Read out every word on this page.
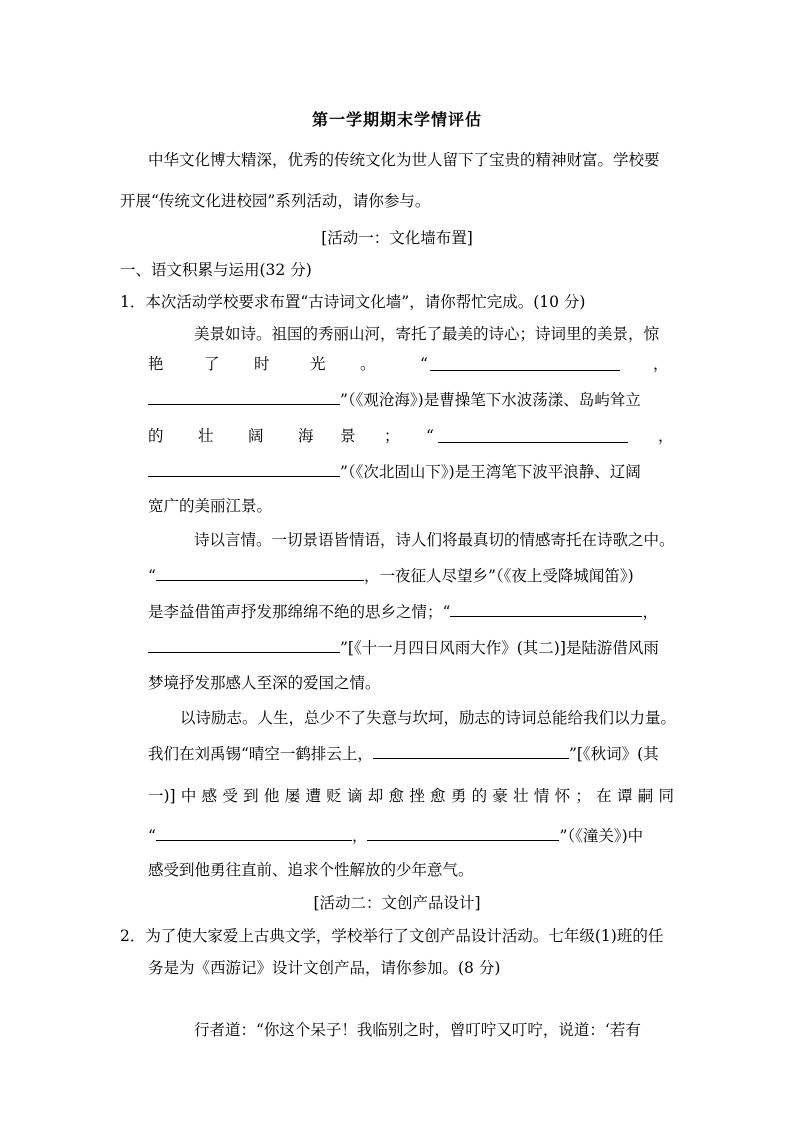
第一学期期末学情评估
中华文化博大精深，优秀的传统文化为世人留下了宝贵的精神财富。学校要
开展“传统文化进校园”系列活动，请你参与。
[活动一：文化墙布置]
一、语文积累与运用(32 分)
1．本次活动学校要求布置“古诗词文化墙”，请你帮忙完成。(10 分)
美景如诗。祖国的秀丽山河，寄托了最美的诗心；诗词里的美景，惊
艳	了 时	光 。	“	，
”（《观沧海》)是曹操笔下水波荡漾、岛屿耸立
的 壮 阔 海 景 ； “	，
”（《次北固山下》)是王湾笔下波平浪静、辽阔
宽广的美丽江景。
诗以言情。一切景语皆情语，诗人们将最真切的情感寄托在诗歌之中。
“	，一夜征人尽望乡”（《夜上受降城闻笛》)
是李益借笛声抒发那绵绵不绝的思乡之情；“	，
”[《十一月四日风雨大作》(其二)]是陆游借风雨
梦境抒发那感人至深的爱国之情。
以诗励志。人生，总少不了失意与坎坷，励志的诗词总能给我们以力量。
我们在刘禹锡“晴空一鹤排云上，	”[《秋词》(其
一)] 中 感 受 到 他 屡 遭 贬 谪 却 愈 挫 愈 勇 的 豪 壮 情 怀 ； 在 谭 嗣 同
“	，	”（《潼关》)中
感受到他勇往直前、追求个性解放的少年意气。
[活动二：文创产品设计]
2．为了使大家爱上古典文学，学校举行了文创产品设计活动。七年级(1)班的任
务是为《西游记》设计文创产品，请你参加。(8 分)
行者道：“你这个呆子！我临别之时，曾叮咛又叮咛，说道：‘若有
